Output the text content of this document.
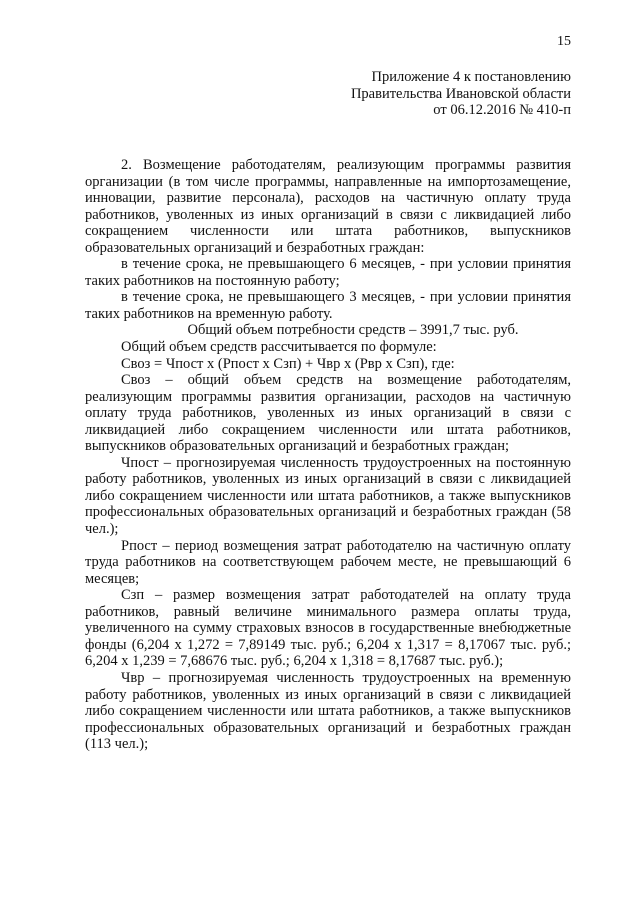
15
Приложение 4 к постановлению
Правительства Ивановской области
от 06.12.2016 № 410-п

2. Возмещение работодателям, реализующим программы развития организации (в том числе программы, направленные на импортозамещение, инновации, развитие персонала), расходов на частичную оплату труда работников, уволенных из иных организаций в связи с ликвидацией либо сокращением численности или штата работников, выпускников образовательных организаций и безработных граждан:

в течение срока, не превышающего 6 месяцев, - при условии принятия таких работников на постоянную работу;

в течение срока, не превышающего 3 месяцев, - при условии принятия таких работников на временную работу.

Общий объем потребности средств – 3991,7 тыс. руб.

Общий объем средств рассчитывается по формуле:

Своз = Чпост х (Рпост х Сзп) + Чвр х (Рвр х Сзп), где:

Своз – общий объем средств на возмещение работодателям, реализующим программы развития организации, расходов на частичную оплату труда работников, уволенных из иных организаций в связи с ликвидацией либо сокращением численности или штата работников, выпускников образовательных организаций и безработных граждан;

Чпост – прогнозируемая численность трудоустроенных на постоянную работу работников, уволенных из иных организаций в связи с ликвидацией либо сокращением численности или штата работников, а также выпускников профессиональных образовательных организаций и безработных граждан (58 чел.);

Рпост – период возмещения затрат работодателю на частичную оплату труда работников на соответствующем рабочем месте, не превышающий 6 месяцев;

Сзп – размер возмещения затрат работодателей на оплату труда работников, равный величине минимального размера оплаты труда, увеличенного на сумму страховых взносов в государственные внебюджетные фонды (6,204 х 1,272 = 7,89149 тыс. руб.; 6,204 х 1,317 = 8,17067 тыс. руб.; 6,204 х 1,239 = 7,68676 тыс. руб.; 6,204 х 1,318 = 8,17687 тыс. руб.);

Чвр – прогнозируемая численность трудоустроенных на временную работу работников, уволенных из иных организаций в связи с ликвидацией либо сокращением численности или штата работников, а также выпускников профессиональных образовательных организаций и безработных граждан (113 чел.);
